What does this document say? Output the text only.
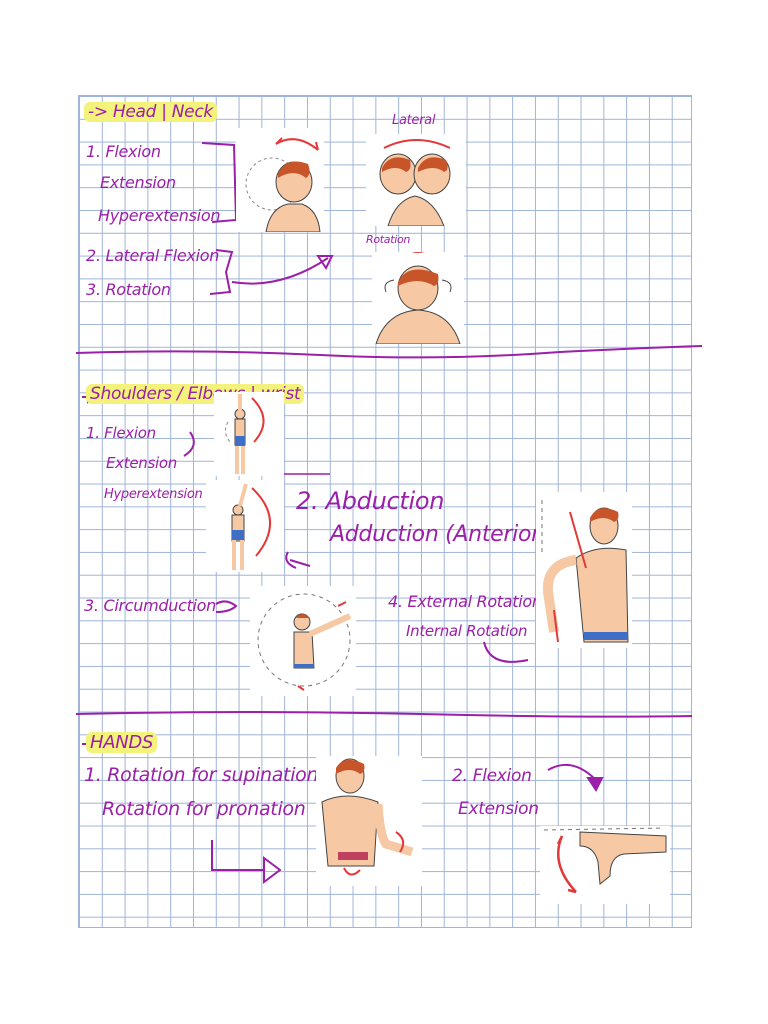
-> Head | Neck
1. Flexion
Extension
Hyperextension
2. Lateral Flexion
3. Rotation
Lateral
Rotation
Shoulders / Elbows | wrist
1. Flexion
Extension
Hyperextension	2. Abduction
Adduction (Anterior)
3. Circumduction	4. External Rotation
Internal Rotation
HANDS
1. Rotation for supination
Rotation for pronation
2. Flexion
Extension
